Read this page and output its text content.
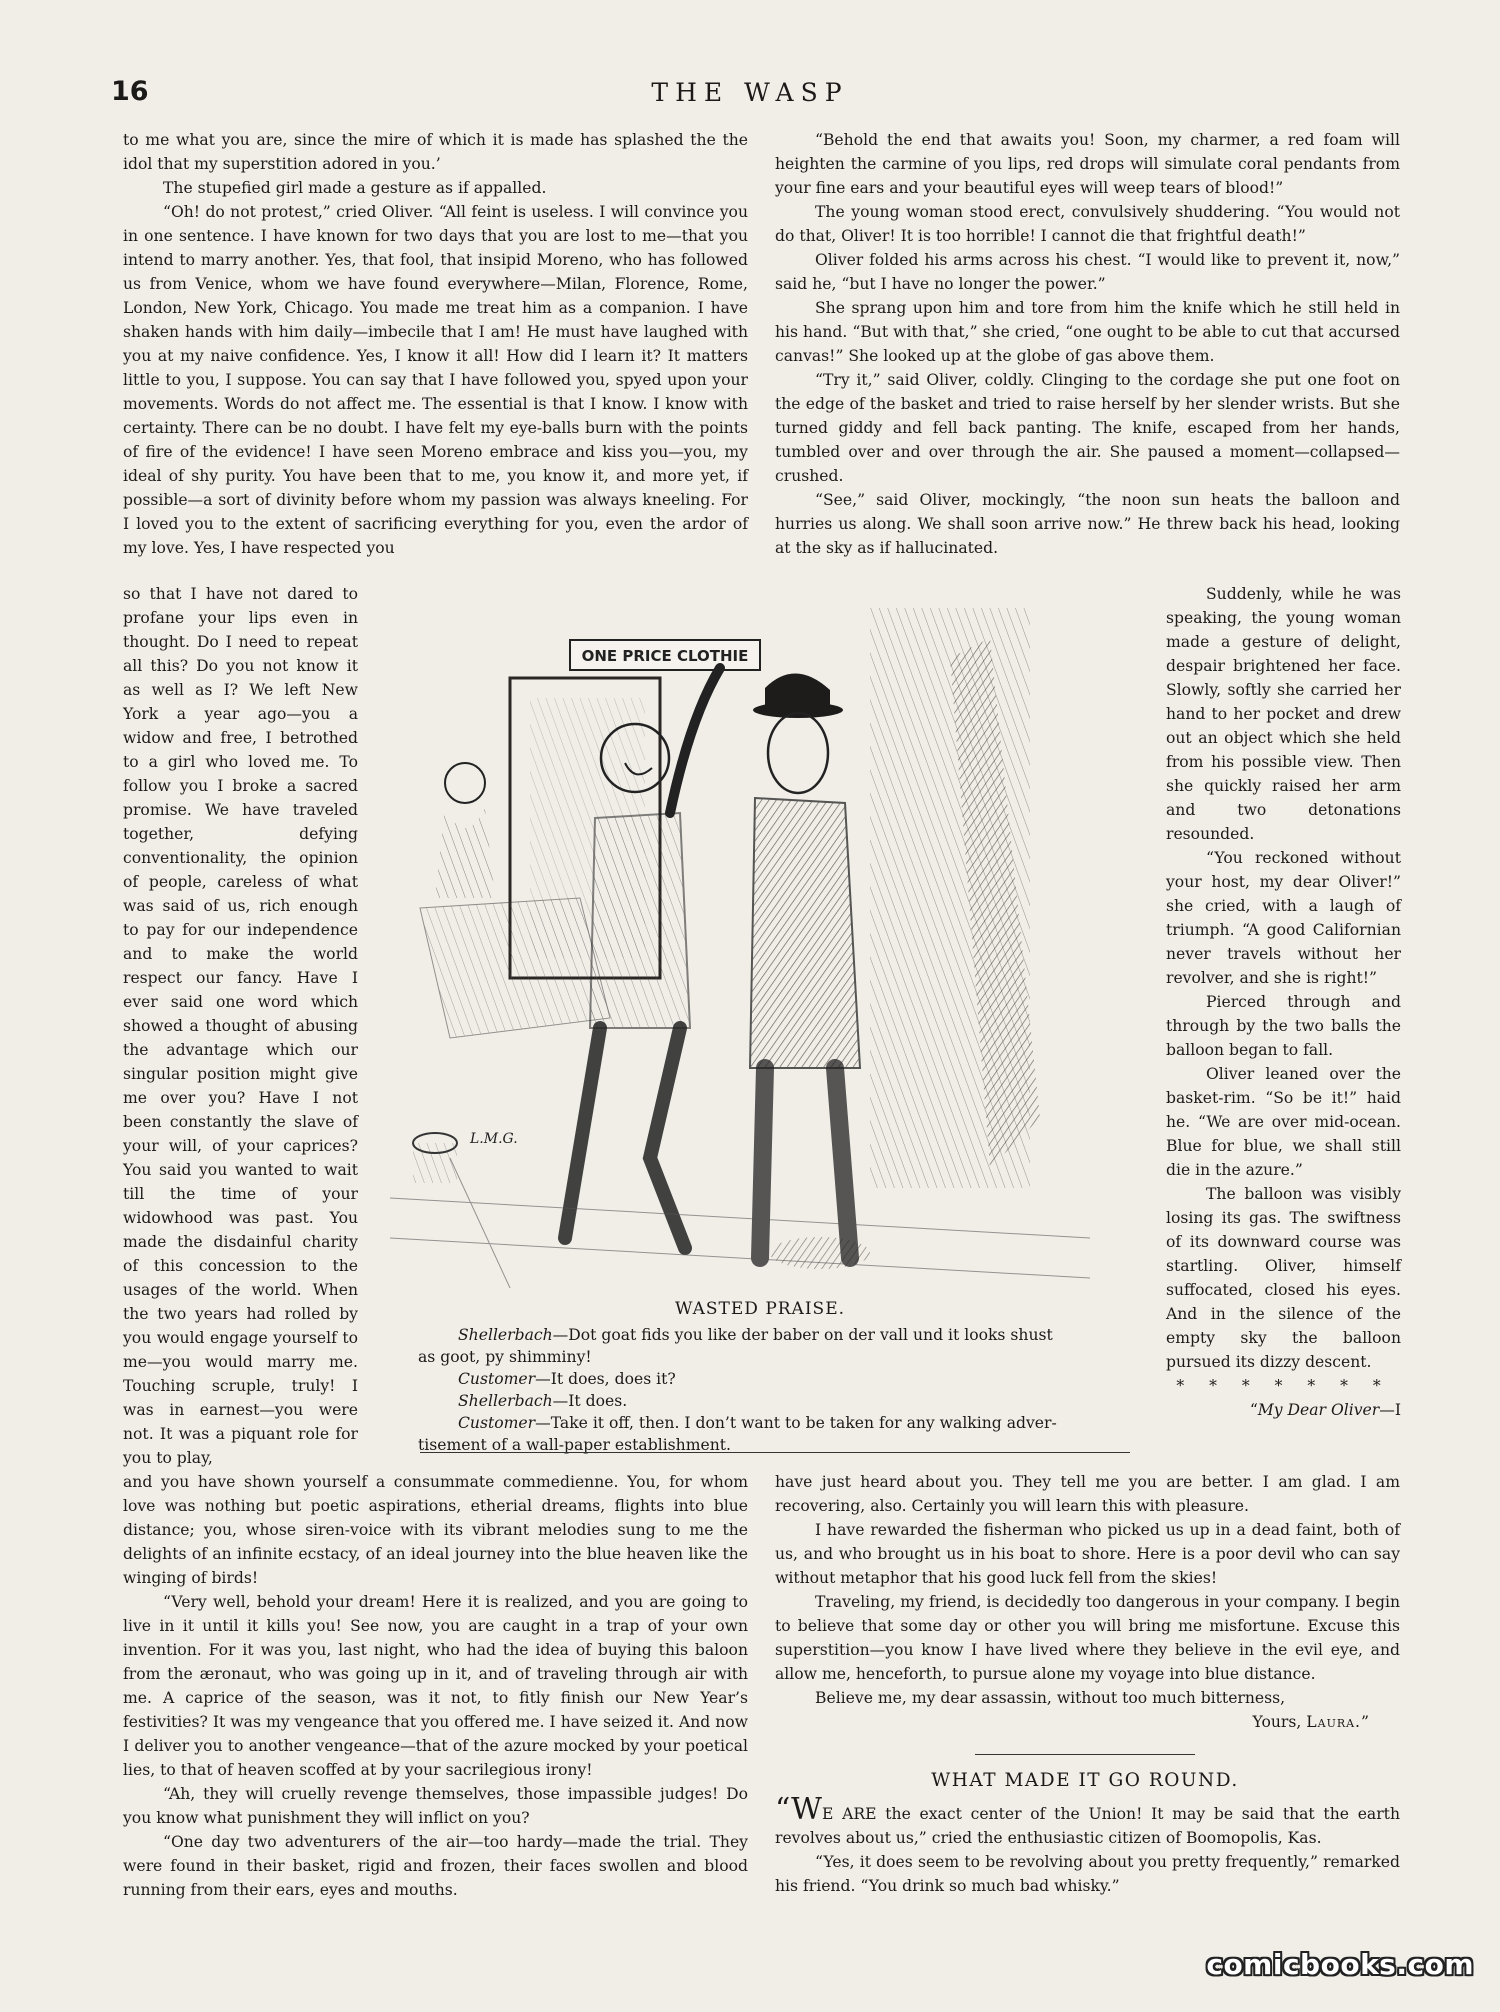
16	THE WASP

to me what you are, since the mire of which it is made has splashed the the idol that my superstition adored in you.’

The stupefied girl made a gesture as if appalled.

“Oh! do not protest,” cried Oliver. “All feint is useless. I will convince you in one sentence. I have known for two days that you are lost to me—that you intend to marry another. Yes, that fool, that insipid Moreno, who has followed us from Venice, whom we have found everywhere—Milan, Florence, Rome, London, New York, Chicago. You made me treat him as a companion. I have shaken hands with him daily—imbecile that I am! He must have laughed with you at my naive confidence. Yes, I know it all! How did I learn it? It matters little to you, I suppose. You can say that I have followed you, spyed upon your movements. Words do not affect me. The essential is that I know. I know with certainty. There can be no doubt. I have felt my eye-balls burn with the points of fire of the evidence! I have seen Moreno embrace and kiss you—you, my ideal of shy purity. You have been that to me, you know it, and more yet, if possible—a sort of divinity before whom my passion was always kneeling. For I loved you to the extent of sacrificing everything for you, even the ardor of my love. Yes, I have respected you

so that I have not dared to profane your lips even in thought. Do I need to repeat all this? Do you not know it as well as I? We left New York a year ago—you a widow and free, I betrothed to a girl who loved me. To follow you I broke a sacred promise. We have traveled together, defying conventionality, the opinion of people, careless of what was said of us, rich enough to pay for our independence and to make the world respect our fancy. Have I ever said one word which showed a thought of abusing the advantage which our singular position might give me over you? Have I not been constantly the slave of your will, of your caprices? You said you wanted to wait till the time of your widowhood was past. You made the disdainful charity of this concession to the usages of the world. When the two years had rolled by you would engage yourself to me—you would marry me. Touching scruple, truly! I was in earnest—you were not. It was a piquant role for you to play,

and you have shown yourself a consummate commedienne. You, for whom love was nothing but poetic aspirations, etherial dreams, flights into blue distance; you, whose siren-voice with its vibrant melodies sung to me the delights of an infinite ecstacy, of an ideal journey into the blue heaven like the winging of birds!

“Very well, behold your dream! Here it is realized, and you are going to live in it until it kills you! See now, you are caught in a trap of your own invention. For it was you, last night, who had the idea of buying this baloon from the æronaut, who was going up in it, and of traveling through air with me. A caprice of the season, was it not, to fitly finish our New Year’s festivities? It was my vengeance that you offered me. I have seized it. And now I deliver you to another vengeance—that of the azure mocked by your poetical lies, to that of heaven scoffed at by your sacrilegious irony!

“Ah, they will cruelly revenge themselves, those impassible judges! Do you know what punishment they will inflict on you?

“One day two adventurers of the air—too hardy—made the trial. They were found in their basket, rigid and frozen, their faces swollen and blood running from their ears, eyes and mouths.

“Behold the end that awaits you! Soon, my charmer, a red foam will heighten the carmine of you lips, red drops will simulate coral pendants from your fine ears and your beautiful eyes will weep tears of blood!”

The young woman stood erect, convulsively shuddering. “You would not do that, Oliver! It is too horrible! I cannot die that frightful death!”

Oliver folded his arms across his chest. “I would like to prevent it, now,” said he, “but I have no longer the power.”

She sprang upon him and tore from him the knife which he still held in his hand. “But with that,” she cried, “one ought to be able to cut that accursed canvas!” She looked up at the globe of gas above them.

“Try it,” said Oliver, coldly. Clinging to the cordage she put one foot on the edge of the basket and tried to raise herself by her slender wrists. But she turned giddy and fell back panting. The knife, escaped from her hands, tumbled over and over through the air. She paused a moment—collapsed—crushed.

“See,” said Oliver, mockingly, “the noon sun heats the balloon and hurries us along. We shall soon arrive now.” He threw back his head, looking at the sky as if hallucinated.

Suddenly, while he was speaking, the young woman made a gesture of delight, despair brightened her face. Slowly, softly she carried her hand to her pocket and drew out an object which she held from his possible view. Then she quickly raised her arm and two detonations resounded.

“You reckoned without your host, my dear Oliver!” she cried, with a laugh of triumph. “A good Californian never travels without her revolver, and she is right!”

Pierced through and through by the two balls the balloon began to fall.

Oliver leaned over the basket-rim. “So be it!” haid he. “We are over mid-ocean. Blue for blue, we shall still die in the azure.”

The balloon was visibly losing its gas. The swiftness of its downward course was startling. Oliver, himself suffocated, closed his eyes. And in the silence of the empty sky the balloon pursued its dizzy descent.

* * * * * * *

“My Dear Oliver—I

have just heard about you. They tell me you are better. I am glad. I am recovering, also. Certainly you will learn this with pleasure.

I have rewarded the fisherman who picked us up in a dead faint, both of us, and who brought us in his boat to shore. Here is a poor devil who can say without metaphor that his good luck fell from the skies!

Traveling, my friend, is decidedly too dangerous in your company. I begin to believe that some day or other you will bring me misfortune. Excuse this superstition—you know I have lived where they believe in the evil eye, and allow me, henceforth, to pursue alone my voyage into blue distance.

Believe me, my dear assassin, without too much bitterness,

Yours, Laura.”

WHAT MADE IT GO ROUND.

“WE ARE the exact center of the Union! It may be said that the earth revolves about us,” cried the enthusiastic citizen of Boomopolis, Kas.

“Yes, it does seem to be revolving about you pretty frequently,” remarked his friend. “You drink so much bad whisky.”

ONE PRICE CLOTHIE
L.M.G.
WASTED PRAISE.

Shellerbach—Dot goat fids you like der baber on der vall und it looks shust

as goot, py shimminy!

Customer—It does, does it?

Shellerbach—It does.

Customer—Take it off, then. I don’t want to be taken for any walking adver-

tisement of a wall-paper establishment.

comicbooks.com
